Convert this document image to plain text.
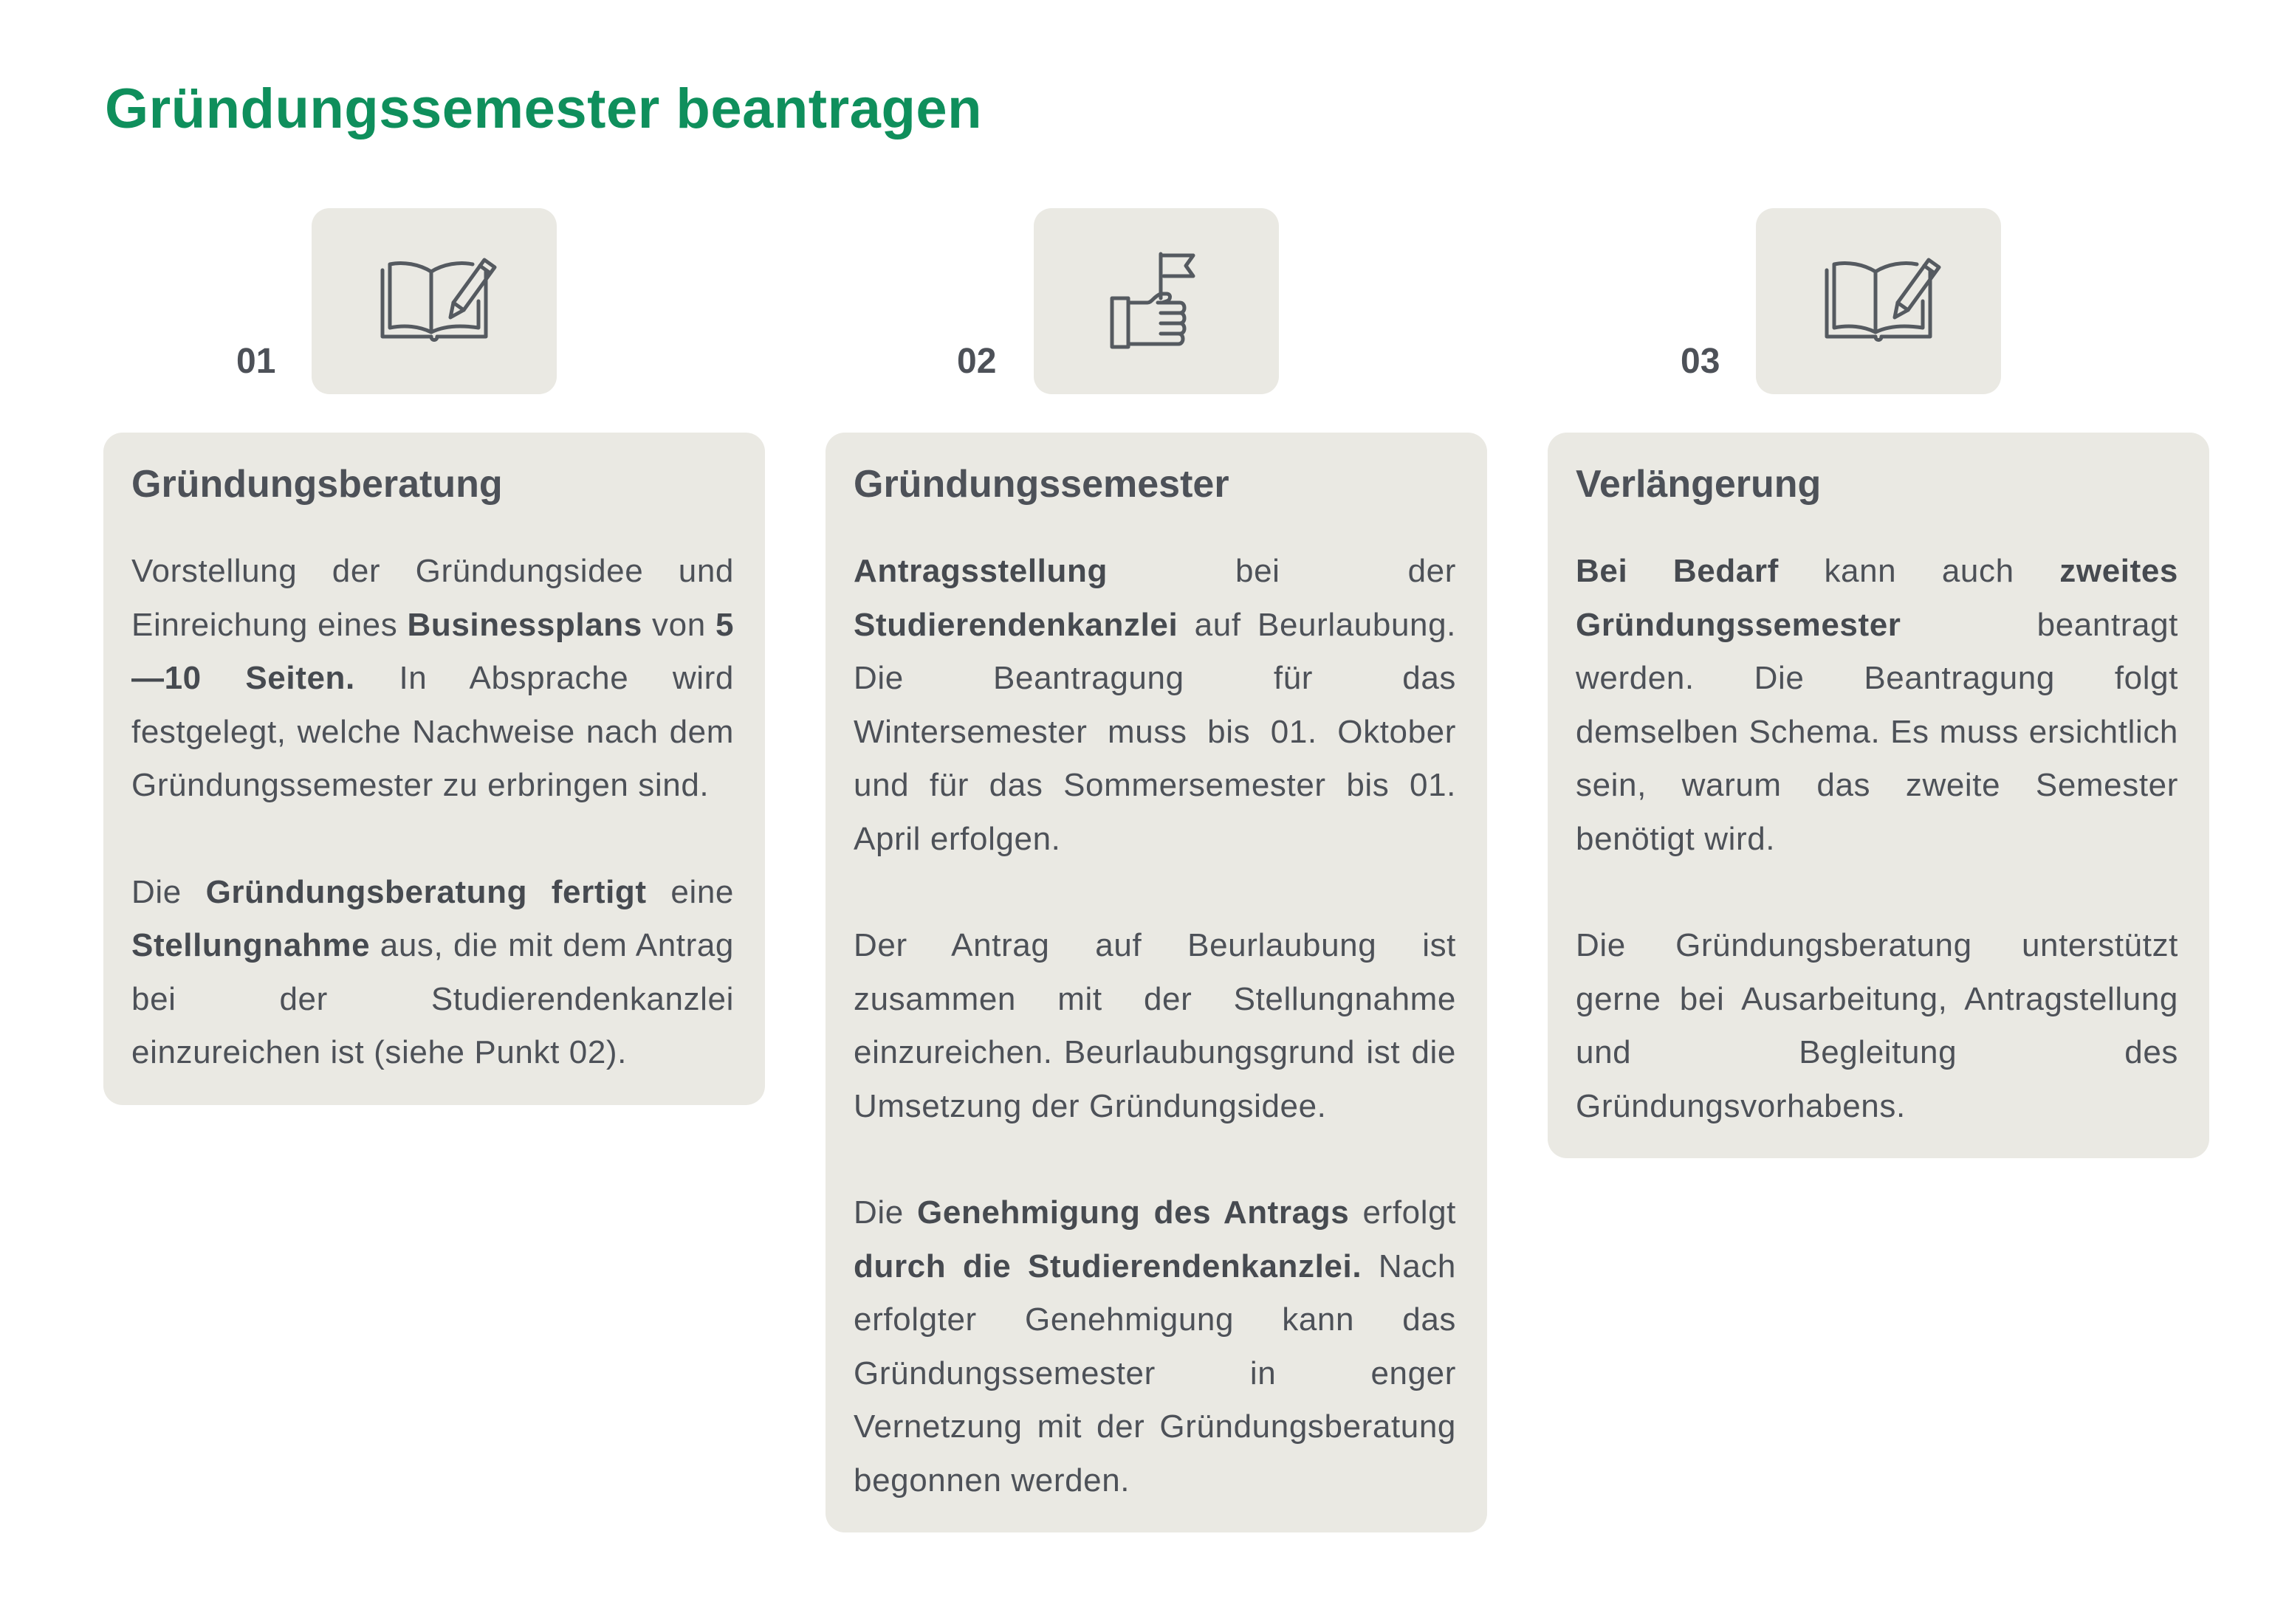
Gründungssemester beantragen
01
Gründungsberatung

Vorstellung der Gründungsidee und Einreichung eines Businessplans von 5—10 Seiten. In Absprache wird festgelegt, welche Nachweise nach dem Gründungssemester zu erbringen sind.

Die Gründungsberatung fertigt eine Stellungnahme aus, die mit dem Antrag bei der Studierendenkanzlei einzureichen ist (siehe Punkt 02).

02
Gründungssemester

Antragsstellung bei der Studierendenkanzlei auf Beurlaubung. Die Beantragung für das Wintersemester muss bis 01. Oktober und für das Sommersemester bis 01. April erfolgen.

Der Antrag auf Beurlaubung ist zusammen mit der Stellungnahme einzureichen. Beurlaubungsgrund ist die Umsetzung der Gründungsidee.

Die Genehmigung des Antrags erfolgt durch die Studierendenkanzlei. Nach erfolgter Genehmigung kann das Gründungssemester in enger Vernetzung mit der Gründungsberatung begonnen werden.

03
Verlängerung

Bei Bedarf kann auch zweites Gründungssemester beantragt werden. Die Beantragung folgt demselben Schema. Es muss ersichtlich sein, warum das zweite Semester benötigt wird.

Die Gründungsberatung unterstützt gerne bei Ausarbeitung, Antragstellung und Begleitung des Gründungsvorhabens.
